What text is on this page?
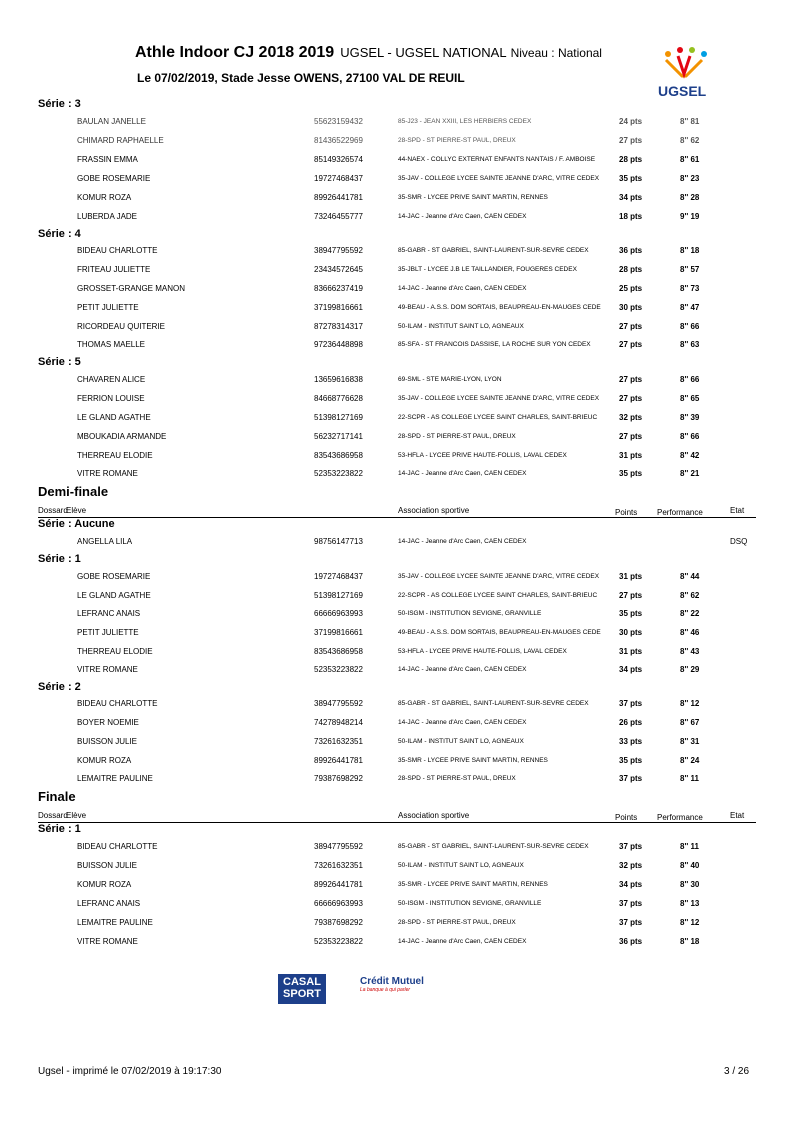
Athle Indoor CJ 2018 2019 UGSEL - UGSEL NATIONAL Niveau : National
Le 07/02/2019, Stade Jesse OWENS, 27100 VAL DE REUIL
UGSEL
Série : 3
BAULAN JANELLE	55623159432	85-J23 - JEAN XXIII, LES HERBIERS CEDEX	24 pts	8'' 81
CHIMARD RAPHAELLE	81436522969	28-SPD - ST PIERRE-ST PAUL, DREUX	27 pts	8'' 62
FRASSIN EMMA	85149326574	44-NAEX - COLLYC EXTERNAT ENFANTS NANTAIS / F. AMBOISE	28 pts	8'' 61
GOBE ROSEMARIE	19727468437	35-JAV - COLLEGE LYCEE SAINTE JEANNE D'ARC, VITRE CEDEX	35 pts	8'' 23
KOMUR ROZA	89926441781	35-SMR - LYCEE PRIVE SAINT MARTIN, RENNES	34 pts	8'' 28
LUBERDA JADE	73246455777	14-JAC - Jeanne d'Arc Caen, CAEN CEDEX	18 pts	9'' 19
Série : 4
BIDEAU CHARLOTTE	38947795592	85-GABR - ST GABRIEL, SAINT-LAURENT-SUR-SEVRE CEDEX	36 pts	8'' 18
FRITEAU JULIETTE	23434572645	35-JBLT - LYCEE J.B LE TAILLANDIER, FOUGERES CEDEX	28 pts	8'' 57
GROSSET-GRANGE MANON	83666237419	14-JAC - Jeanne d'Arc Caen, CAEN CEDEX	25 pts	8'' 73
PETIT JULIETTE	37199816661	49-BEAU - A.S.S. DOM SORTAIS, BEAUPREAU-EN-MAUGES CEDE	30 pts	8'' 47
RICORDEAU QUITERIE	87278314317	50-ILAM - INSTITUT SAINT LO, AGNEAUX	27 pts	8'' 66
THOMAS MAELLE	97236448898	85-SFA - ST FRANCOIS DASSISE, LA ROCHE SUR YON CEDEX	27 pts	8'' 63
Série : 5
CHAVAREN ALICE	13659616838	69-SML - STE MARIE-LYON, LYON	27 pts	8'' 66
FERRION LOUISE	84668776628	35-JAV - COLLEGE LYCEE SAINTE JEANNE D'ARC, VITRE CEDEX	27 pts	8'' 65
LE GLAND AGATHE	51398127169	22-SCPR - AS COLLEGE LYCEE SAINT CHARLES, SAINT-BRIEUC	32 pts	8'' 39
MBOUKADIA ARMANDE	56232717141	28-SPD - ST PIERRE-ST PAUL, DREUX	27 pts	8'' 66
THERREAU ELODIE	83543686958	53-HFLA - LYCEE PRIVE HAUTE-FOLLIS, LAVAL CEDEX	31 pts	8'' 42
VITRE ROMANE	52353223822	14-JAC - Jeanne d'Arc Caen, CAEN CEDEX	35 pts	8'' 21
Demi-finale
Dossard
Elève	Association sportive	Points Performance	Etat
Série : Aucune
ANGELLA LILA	98756147713	14-JAC - Jeanne d'Arc Caen, CAEN CEDEX	DSQ
Série : 1
GOBE ROSEMARIE	19727468437	35-JAV - COLLEGE LYCEE SAINTE JEANNE D'ARC, VITRE CEDEX	31 pts	8'' 44
LE GLAND AGATHE	51398127169	22-SCPR - AS COLLEGE LYCEE SAINT CHARLES, SAINT-BRIEUC	27 pts	8'' 62
LEFRANC ANAIS	66666963993	50-ISGM - INSTITUTION SEVIGNE, GRANVILLE	35 pts	8'' 22
PETIT JULIETTE	37199816661	49-BEAU - A.S.S. DOM SORTAIS, BEAUPREAU-EN-MAUGES CEDE	30 pts	8'' 46
THERREAU ELODIE	83543686958	53-HFLA - LYCEE PRIVE HAUTE-FOLLIS, LAVAL CEDEX	31 pts	8'' 43
VITRE ROMANE	52353223822	14-JAC - Jeanne d'Arc Caen, CAEN CEDEX	34 pts	8'' 29
Série : 2
BIDEAU CHARLOTTE	38947795592	85-GABR - ST GABRIEL, SAINT-LAURENT-SUR-SEVRE CEDEX	37 pts	8'' 12
BOYER NOEMIE	74278948214	14-JAC - Jeanne d'Arc Caen, CAEN CEDEX	26 pts	8'' 67
BUISSON JULIE	73261632351	50-ILAM - INSTITUT SAINT LO, AGNEAUX	33 pts	8'' 31
KOMUR ROZA	89926441781	35-SMR - LYCEE PRIVE SAINT MARTIN, RENNES	35 pts	8'' 24
LEMAITRE PAULINE	79387698292	28-SPD - ST PIERRE-ST PAUL, DREUX	37 pts	8'' 11
Finale
Dossard
Elève	Association sportive	Points Performance	Etat
Série : 1
BIDEAU CHARLOTTE	38947795592	85-GABR - ST GABRIEL, SAINT-LAURENT-SUR-SEVRE CEDEX	37 pts	8'' 11
BUISSON JULIE	73261632351	50-ILAM - INSTITUT SAINT LO, AGNEAUX	32 pts	8'' 40
KOMUR ROZA	89926441781	35-SMR - LYCEE PRIVE SAINT MARTIN, RENNES	34 pts	8'' 30
LEFRANC ANAIS	66666963993	50-ISGM - INSTITUTION SEVIGNE, GRANVILLE	37 pts	8'' 13
LEMAITRE PAULINE	79387698292	28-SPD - ST PIERRE-ST PAUL, DREUX	37 pts	8'' 12
VITRE ROMANE	52353223822	14-JAC - Jeanne d'Arc Caen, CAEN CEDEX	36 pts	8'' 18
CASAL
SPORT
Crédit Mutuel
La banque à qui parler
Ugsel - imprimé le 07/02/2019 à 19:17:30	3 / 26
